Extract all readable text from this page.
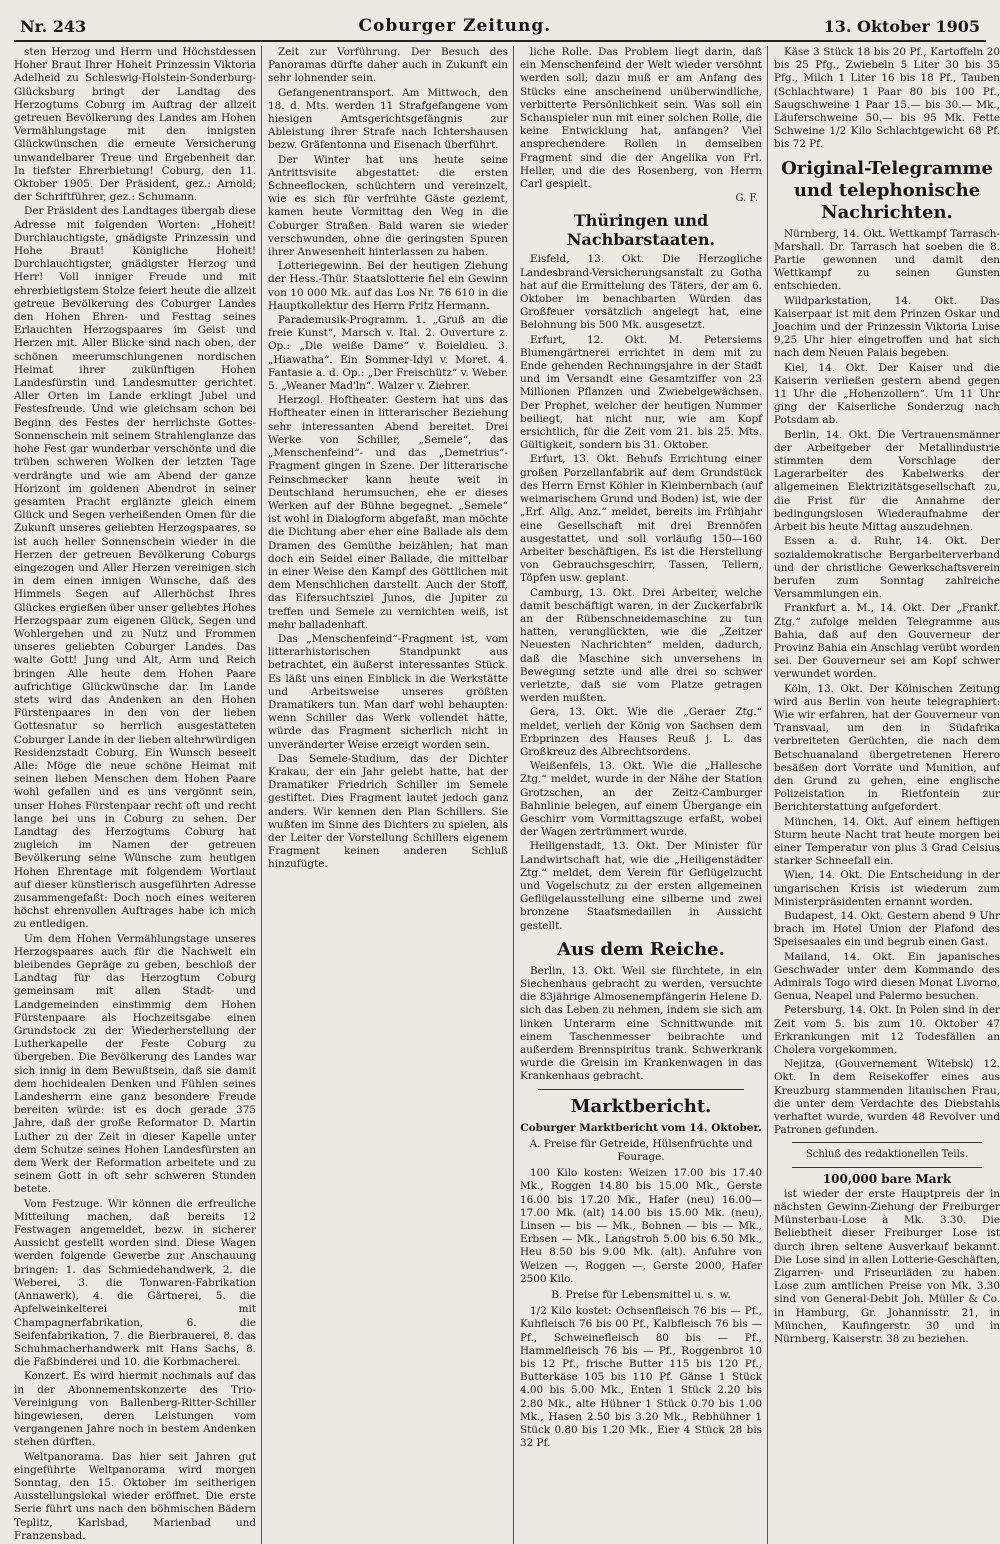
Nr. 243	Coburger Zeitung.	13. Oktober 1905

sten Herzog und Herrn und Höchstdessen Hoher Braut Ihrer Hoheit Prinzessin Viktoria Adelheid zu Schleswig-Holstein-Sonderburg-Glücksburg bringt der Landtag des Herzogtums Coburg im Auftrag der allzeit getreuen Bevölkerung des Landes am Hohen Vermählungstage mit den innigsten Glückwünschen die erneute Versicherung unwandelbarer Treue und Ergebenheit dar. In tiefster Ehrerbietung! Coburg, den 11. Oktober 1905. Der Präsident, gez.: Arnold; der Schriftführer, gez.: Schumann.

Der Präsident des Landtages übergab diese Adresse mit folgenden Worten: „Hoheit! Durchlauchtigste, gnädigste Prinzessin und Hohe Braut! Königliche Hoheit! Durchlauchtigster, gnädigster Herzog und Herr! Voll inniger Freude und mit ehrerbietigstem Stolze feiert heute die allzeit getreue Bevölkerung des Coburger Landes den Hohen Ehren- und Festtag seines Erlauchten Herzogspaares im Geist und Herzen mit. Aller Blicke sind nach oben, der schönen meerumschlungenen nordischen Heimat ihrer zukünftigen Hohen Landesfürstin und Landesmutter gerichtet. Aller Orten im Lande erklingt Jubel und Festesfreude. Und wie gleichsam schon bei Beginn des Festes der herrlichste Gottes-Sonnenschein mit seinem Strahlenglanze das hohe Fest gar wunderbar verschönte und die trüben schweren Wolken der letzten Tage verdrängte und wie am Abend der ganze Horizont im goldenen Abendrot in seiner gesamten Pracht erglänzte gleich einem Glück und Segen verheißenden Omen für die Zukunft unseres geliebten Herzogspaares, so ist auch heller Sonnenschein wieder in die Herzen der getreuen Bevölkerung Coburgs eingezogen und Aller Herzen vereinigen sich in dem einen innigen Wunsche, daß des Himmels Segen auf Allerhöchst Ihres Glückes ergießen über unser geliebtes Hohes Herzogspaar zum eigenen Glück, Segen und Wohlergehen und zu Nutz und Frommen unseres geliebten Coburger Landes. Das walte Gott! Jung und Alt, Arm und Reich bringen Alle heute dem Hohen Paare aufrichtige Glückwünsche dar. Im Lande stets wird das Andenken an den Hohen Fürstenpaares in den von der lieben Gottesnatur so herrlich ausgestatteten Coburger Lande in der lieben altehrwürdigen Residenzstadt Coburg. Ein Wunsch beseelt Alle: Möge die neue schöne Heimat mit seinen lieben Menschen dem Hohen Paare wohl gefallen und es uns vergönnt sein, unser Hohes Fürstenpaar recht oft und recht lange bei uns in Coburg zu sehen. Der Landtag des Herzogtums Coburg hat zugleich im Namen der getreuen Bevölkerung seine Wünsche zum heutigen Hohen Ehrentage mit folgendem Wortlaut auf dieser künstlerisch ausgeführten Adresse zusammengefaßt: Doch noch eines weiteren höchst ehrenvollen Auftrages habe ich mich zu entledigen.

Um dem Hohen Vermählungstage unseres Herzogspaares auch für die Nachwelt ein bleibendes Gepräge zu geben, beschloß der Landtag für das Herzogtum Coburg gemeinsam mit allen Stadt- und Landgemeinden einstimmig dem Hohen Fürstenpaare als Hochzeitsgabe einen Grundstock zu der Wiederherstellung der Lutherkapelle der Feste Coburg zu übergeben. Die Bevölkerung des Landes war sich innig in dem Bewußtsein, daß sie damit dem hochidealen Denken und Fühlen seines Landesherrn eine ganz besondere Freude bereiten würde: ist es doch gerade 375 Jahre, daß der große Reformator D. Martin Luther zu der Zeit in dieser Kapelle unter dem Schutze seines Hohen Landesfürsten an dem Werk der Reformation arbeitete und zu seinem Gott in oft sehr schweren Stunden betete.

Vom Festzuge. Wir können die erfreuliche Mitteilung machen, daß bereits 12 Festwagen angemeldet, bezw. in sicherer Aussicht gestellt worden sind. Diese Wagen werden folgende Gewerbe zur Anschauung bringen: 1. das Schmiedehandwerk, 2. die Weberei, 3. die Tonwaren-Fabrikation (Annawerk), 4. die Gärtnerei, 5. die Apfelweinkelterei mit Champagnerfabrikation, 6. die Seifenfabrikation, 7. die Bierbrauerei, 8. das Schuhmacherhandwerk mit Hans Sachs, 8. die Faßbinderei und 10. die Korbmacherei.

Konzert. Es wird hiermit nochmals auf das in der Abonnementskonzerte des Trio-Vereinigung von Ballenberg-Ritter-Schiller hingewiesen, deren Leistungen vom vergangenen Jahre noch in bestem Andenken stehen dürften.

Weltpanorama. Das hier seit Jahren gut eingeführte Weltpanorama wird morgen Sonntag, den 15. Oktober im seitherigen Ausstellungslokal wieder eröffnet. Die erste Serie führt uns nach den böhmischen Bädern Teplitz, Karlsbad, Marienbad und Franzensbad.

Zeit zur Vorführung. Der Besuch des Panoramas dürfte daher auch in Zukunft ein sehr lohnender sein.

Gefangenentransport. Am Mittwoch, den 18. d. Mts. werden 11 Strafgefangene vom hiesigen Amtsgerichtsgefängnis zur Ableistung ihrer Strafe nach Ichtershausen bezw. Gräfentonna und Eisenach überführt.

Der Winter hat uns heute seine Antrittsvisite abgestattet: die ersten Schneeflocken, schüchtern und vereinzelt, wie es sich für verfrühte Gäste geziemt, kamen heute Vormittag den Weg in die Coburger Straßen. Bald waren sie wieder verschwunden, ohne die geringsten Spuren ihrer Anwesenheit hinterlassen zu haben.

Lotteriegewinn. Bei der heutigen Ziehung der Hess.-Thür. Staatslotterie fiel ein Gewinn von 10 000 Mk. auf das Los Nr. 76 610 in die Hauptkollektur des Herrn Fritz Hermann.

Parademusik-Programm. 1. „Gruß an die freie Kunst“, Marsch v. Ital. 2. Ouverture z. Op.: „Die weiße Dame“ v. Boieldieu. 3. „Hiawatha“. Ein Sommer-Idyl v. Moret. 4. Fantasie a. d. Op.: „Der Freischütz“ v. Weber. 5. „Weaner Mad'ln“. Walzer v. Ziehrer.

Herzogl. Hoftheater. Gestern hat uns das Hoftheater einen in litterarischer Beziehung sehr interessanten Abend bereitet. Drei Werke von Schiller, „Semele“, das „Menschenfeind“- und das „Demetrius“-Fragment gingen in Szene. Der litterarische Feinschmecker kann heute weit in Deutschland herumsuchen, ehe er dieses Werken auf der Bühne begegnet. „Semele“ ist wohl in Dialogform abgefaßt, man möchte die Dichtung aber eher eine Ballade als dem Dramen des Gemüthe beizählen; hat man doch ein Seidel einer Ballade, die mittelbar in einer Weise den Kampf des Göttlichen mit dem Menschlichen darstellt. Auch der Stoff, das Eifersuchtsziel Junos, die Jupiter zu treffen und Semele zu vernichten weiß, ist mehr balladenhaft.

Das „Menschenfeind“-Fragment ist, vom litterarhistorischen Standpunkt aus betrachtet, ein äußerst interessantes Stück. Es läßt uns einen Einblick in die Werkstätte und Arbeitsweise unseres größten Dramatikers tun. Man darf wohl behaupten: wenn Schiller das Werk vollendet hätte, würde das Fragment sicherlich nicht in unveränderter Weise erzeigt worden sein.

Das Semele-Studium, das der Dichter Krakau, der ein Jahr gelebt hatte, hat der Dramatiker Friedrich Schiller im Semele gestiftet. Dies Fragment lautet jedoch ganz anders. Wir kennen den Plan Schillers. Sie wußten im Sinne des Dichters zu spielen, als der Leiter der Vorstellung Schillers eigenem Fragment keinen anderen Schluß hinzufügte.

liche Rolle. Das Problem liegt darin, daß ein Menschenfeind der Welt wieder versöhnt werden soll; dazu muß er am Anfang des Stücks eine anscheinend unüberwindliche, verbitterte Persönlichkeit sein. Was soll ein Schauspieler nun mit einer solchen Rolle, die keine Entwicklung hat, anfangen? Viel ansprechendere Rollen in demselben Fragment sind die der Angelika von Frl. Heller, und die des Rosenberg, von Herrn Carl gespielt.

G. F.
Thüringen und Nachbarstaaten.

Eisfeld, 13. Okt. Die Herzogliche Landesbrand-Versicherungsanstalt zu Gotha hat auf die Ermittelung des Täters, der am 6. Oktober im benachbarten Würden das Großfeuer vorsätzlich angelegt hat, eine Belohnung bis 500 Mk. ausgesetzt.

Erfurt, 12. Okt. M. Petersiems Blumengärtnerei errichtet in dem mit zu Ende gehenden Rechnungsjahre in der Stadt und im Versandt eine Gesamtziffer von 23 Millionen Pflanzen und Zwiebelgewächsen. Der Prophet, welcher der heutigen Nummer beiliegt, hat nicht nur, wie am Kopf ersichtlich, für die Zeit vom 21. bis 25. Mts. Gültigkeit, sondern bis 31. Oktober.

Erfurt, 13. Okt. Behufs Errichtung einer großen Porzellanfabrik auf dem Grundstück des Herrn Ernst Köhler in Kleinbernbach (auf weimarischem Grund und Boden) ist, wie der „Erf. Allg. Anz.“ meldet, bereits im Frühjahr eine Gesellschaft mit drei Brennöfen ausgestattet, und soll vorläufig 150—160 Arbeiter beschäftigen. Es ist die Herstellung von Gebrauchsgeschirr, Tassen, Tellern, Töpfen usw. geplant.

Camburg, 13. Okt. Drei Arbeiter, welche damit beschäftigt waren, in der Zuckerfabrik an der Rübenschneidemaschine zu tun hatten, verunglückten, wie die „Zeitzer Neuesten Nachrichten“ melden, dadurch, daß die Maschine sich unversehens in Bewegung setzte und alle drei so schwer verletzte, daß sie vom Platze getragen werden mußten.

Gera, 13. Okt. Wie die „Geraer Ztg.“ meldet, verlieh der König von Sachsen dem Erbprinzen des Hauses Reuß j. L. das Großkreuz des Albrechtsordens.

Weißenfels, 13. Okt. Wie die „Hallesche Ztg.“ meldet, wurde in der Nähe der Station Grotzschen, an der Zeitz-Camburger Bahnlinie belegen, auf einem Übergange ein Geschirr vom Vormittagszuge erfaßt, wobei der Wagen zertrümmert wurde.

Heiligenstadt, 13. Okt. Der Minister für Landwirtschaft hat, wie die „Heiligenstädter Ztg.“ meldet, dem Verein für Geflügelzucht und Vogelschutz zu der ersten allgemeinen Geflügelausstellung eine silberne und zwei bronzene Staatsmedaillen in Aussicht gestellt.

Aus dem Reiche.

Berlin, 13. Okt. Weil sie fürchtete, in ein Siechenhaus gebracht zu werden, versuchte die 83jährige Almosenempfängerin Helene D. sich das Leben zu nehmen, indem sie sich am linken Unterarm eine Schnittwunde mit einem Taschenmesser beibrachte und außerdem Brennspiritus trank. Schwerkrank wurde die Greisin im Krankenwagen in das Krankenhaus gebracht.

Marktbericht.
Coburger Marktbericht vom 14. Oktober.
A. Preise für Getreide, Hülsenfrüchte und Fourage.

100 Kilo kosten: Weizen 17.00 bis 17.40 Mk., Roggen 14.80 bis 15.00 Mk., Gerste 16.00 bis 17.20 Mk., Hafer (neu) 16.00—17.00 Mk. (alt) 14.00 bis 15.00 Mk. (neu), Linsen — bis — Mk., Bohnen — bis — Mk., Erbsen — Mk., Langstroh 5.00 bis 6.50 Mk., Heu 8.50 bis 9.00 Mk. (alt). Anfuhre von Weizen —, Roggen —, Gerste 2000, Hafer 2500 Kilo.

B. Preise für Lebensmittel u. s. w.

1/2 Kilo kostet: Ochsenfleisch 76 bis — Pf., Kuhfleisch 76 bis 00 Pf., Kalbfleisch 76 bis — Pf., Schweinefleisch 80 bis — Pf., Hammelfleisch 76 bis — Pf., Roggenbrot 10 bis 12 Pf., frische Butter 115 bis 120 Pf., Butterkäse 105 bis 110 Pf. Gänse 1 Stück 4.00 bis 5.00 Mk., Enten 1 Stück 2.20 bis 2.80 Mk., alte Hühner 1 Stück 0.70 bis 1.00 Mk., Hasen 2.50 bis 3.20 Mk., Rebhühner 1 Stück 0.80 bis 1.20 Mk., Eier 4 Stück 28 bis 32 Pf.

Käse 3 Stück 18 bis 20 Pf., Kartoffeln 20 bis 25 Pfg., Zwiebeln 5 Liter 30 bis 35 Pfg., Milch 1 Liter 16 bis 18 Pf., Tauben (Schlachtware) 1 Paar 80 bis 100 Pf., Saugschweine 1 Paar 15.— bis 30.— Mk., Läuferschweine 50.— bis 95 Mk. Fette Schweine 1/2 Kilo Schlachtgewicht 68 Pf. bis 72 Pf.

Original-Telegramme und telephonische Nachrichten.

Nürnberg, 14. Okt. Wettkampf Tarrasch-Marshall. Dr. Tarrasch hat soeben die 8. Partie gewonnen und damit den Wettkampf zu seinen Gunsten entschieden.

Wildparkstation, 14. Okt. Das Kaiserpaar ist mit dem Prinzen Oskar und Joachim und der Prinzessin Viktoria Luise 9,25 Uhr hier eingetroffen und hat sich nach dem Neuen Palais begeben.

Kiel, 14. Okt. Der Kaiser und die Kaiserin verließen gestern abend gegen 11 Uhr die „Hohenzollern“. Um 11 Uhr ging der Kaiserliche Sonderzug nach Potsdam ab.

Berlin, 14. Okt. Die Vertrauensmänner der Arbeitgeber der Metallindustrie stimmten dem Vorschlage der Lagerarbeiter des Kabelwerks der allgemeinen Elektrizitätsgesellschaft zu, die Frist für die Annahme der bedingungslosen Wiederaufnahme der Arbeit bis heute Mittag auszudehnen.

Essen a. d. Ruhr, 14. Okt. Der sozialdemokratische Bergarbeiterverband und der christliche Gewerkschaftsverein berufen zum Sonntag zahlreiche Versammlungen ein.

Frankfurt a. M., 14. Okt. Der „Frankf. Ztg.“ zufolge melden Telegramme aus Bahia, daß auf den Gouverneur der Provinz Bahia ein Anschlag verübt worden sei. Der Gouverneur sei am Kopf schwer verwundet worden.

Köln, 13. Okt. Der Kölnischen Zeitung wird aus Berlin von heute telegraphiert: Wie wir erfahren, hat der Gouverneur von Transvaal, um den in Südafrika verbreiteten Gerüchten, die nach dem Betschuanaland übergetretenen Herero besäßen dort Vorräte und Munition, auf den Grund zu gehen, eine englische Polizeistation in Rietfontein zur Berichterstattung aufgefordert.

München, 14. Okt. Auf einem heftigen Sturm heute Nacht trat heute morgen bei einer Temperatur von plus 3 Grad Celsius starker Schneefall ein.

Wien, 14. Okt. Die Entscheidung in der ungarischen Krisis ist wiederum zum Ministerpräsidenten ernannt worden.

Budapest, 14. Okt. Gestern abend 9 Uhr brach im Hotel Union der Plafond des Speisesaales ein und begrub einen Gast.

Mailand, 14. Okt. Ein japanisches Geschwader unter dem Kommando des Admirals Togo wird diesen Monat Livorno, Genua, Neapel und Palermo besuchen.

Petersburg, 14. Okt. In Polen sind in der Zeit vom 5. bis zum 10. Oktober 47 Erkrankungen mit 12 Todesfällen an Cholera vorgekommen.

Nejitza, (Gouvernement Witebsk) 12. Okt. In dem Reisekoffer eines aus Kreuzburg stammenden litauischen Frau, die unter dem Verdachte des Diebstahls verhaftet wurde, wurden 48 Revolver und Patronen gefunden.

Schluß des redaktionellen Teils.
100,000 bare Mark

ist wieder der erste Hauptpreis der in nächsten Gewinn-Ziehung der Freiburger Münsterbau-Lose à Mk. 3.30. Die Beliebtheit dieser Freiburger Lose ist durch ihren seltene Ausverkauf bekannt. Die Lose sind in allen Lotterie-Geschäften, Zigarren- und Friseurläden zu haben. Lose zum amtlichen Preise von Mk. 3.30 sind von General-Debit Joh. Müller & Co. in Hamburg, Gr. Johannisstr. 21, in München, Kaufingerstr. 30 und in Nürnberg, Kaiserstr. 38 zu beziehen.
